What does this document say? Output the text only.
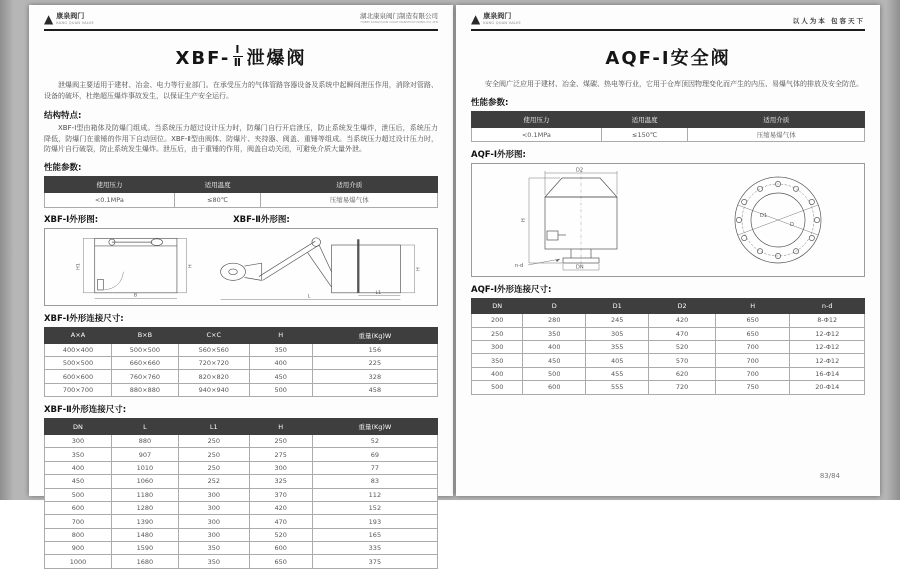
▲ 康泉阀门
KANG QUAN VALVE
湖北康泉阀门制造有限公司
HUBEI KANGQUAN VALVE MANUFACTURING CO.,LTD
$XBF- \frac{\text{Ⅰ}}{\text{Ⅱ}}$ 泄爆阀
泄爆阀主要适用于建材、冶金、电力等行业部门。在承受压力的气体管路容器设备及系统中起瞬间泄压作用，消除对管路、设备的破坏，杜绝超压爆炸事故发生，以保证生产安全运行。
结构特点:
XBF-Ⅰ型由箱体及防爆门组成。当系统压力超过设计压力时，防爆门自行开启泄压，防止系统发生爆炸，泄压后，系统压力降低，防爆门在重锤的作用下自动回位。XBF-Ⅱ型由阀体、防爆片、夹持器、阀盖、重锤等组成。当系统压力超过设计压力时，防爆片自行破裂，防止系统发生爆炸。泄压后，由于重锤的作用，阀盖自动关闭，可避免介质大量外泄。
性能参数:
使用压力	适用温度	适用介质
<0.1MPa	≤80℃	压缩易爆气体
XBF-Ⅰ外形图:	XBF-Ⅱ外形图:
H1	H
B
H
L1
L
XBF-Ⅰ外形连接尺寸:
A×A	B×B	C×C	H	重量(Kg)W
400×400	500×500	560×560	350	156
500×500	660×660	720×720	400	225
600×600	760×760	820×820	450	328
700×700	880×880	940×940	500	458
XBF-Ⅱ外形连接尺寸:
DN	L	L1	H	重量(Kg)W
300	880	250	250	52
350	907	250	275	69
400	1010	250	300	77
450	1060	252	325	83
500	1180	300	370	112
600	1280	300	420	152
700	1390	300	470	193
800	1480	300	520	165
900	1590	350	600	335
1000	1680	350	650	375
▲ 康泉阀门
KANG QUAN VALVE	以人为本 包容天下
AQF-Ⅰ安全阀
安全阀广泛应用于建材、冶金、煤碳、热电等行业，它用于仓库顶因物理变化而产生的内压、易爆气体的排放及安全防范。
性能参数:
使用压力	适用温度	适用介质
<0.1MPa	≤150℃	压缩易爆气体
AQF-Ⅰ外形图:
D2
H
DN
n-d
D1
D
AQF-Ⅰ外形连接尺寸:
DN	D	D1	D2	H	n-d
200	280	245	420	650	8-Φ12
250	350	305	470	650	12-Φ12
300	400	355	520	700	12-Φ12
350	450	405	570	700	12-Φ12
400	500	455	620	700	16-Φ14
500	600	555	720	750	20-Φ14
83/84
